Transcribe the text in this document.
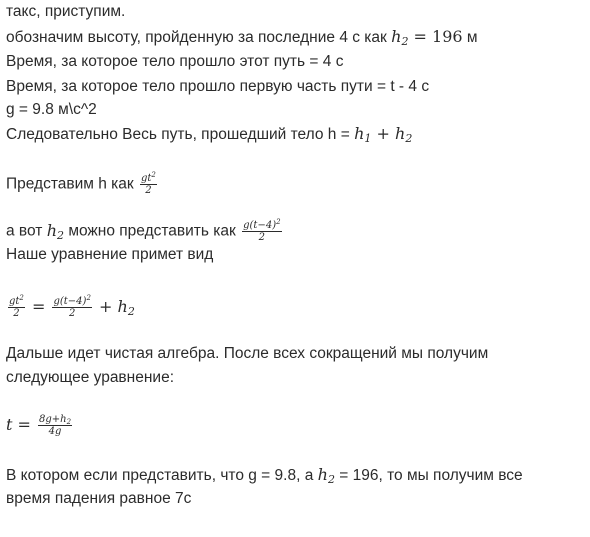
такс, приступим.
обозначим высоту, пройденную за последние 4 с как $h_2 = 196$ м
Время, за которое тело прошло этот путь = 4 с
Время, за которое тело прошло первую часть пути = t - 4 с
g = 9.8 м\с^2
Следовательно Весь путь, прошедший тело $h = h_1 + h_2$
Представим h как $\frac{gt^2}{2}$
а вот $h_2$ можно представить как $\frac{g(t-4)^2}{2}$
Наше уравнение примет вид
$\frac{gt^2}{2} = \frac{g(t-4)^2}{2} + h_2$
Дальше идет чистая алгебра. После всех сокращений мы получим
следующее уравнение:
$t = \frac{8g+h_2}{4g}$
В котором если представить, что g = 9.8, а $h_2 = 196$, то мы получим все
время падения равное 7с
